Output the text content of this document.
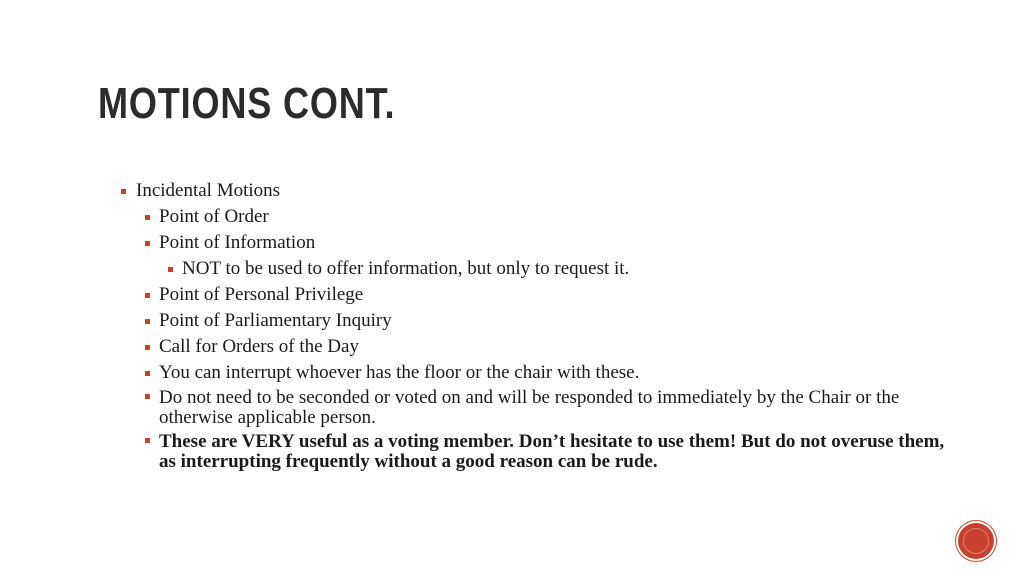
MOTIONS CONT.
Incidental Motions
Point of Order
Point of Information
NOT to be used to offer information, but only to request it.
Point of Personal Privilege
Point of Parliamentary Inquiry
Call for Orders of the Day
You can interrupt whoever has the floor or the chair with these.
Do not need to be seconded or voted on and will be responded to immediately by the Chair or the otherwise applicable person.
These are VERY useful as a voting member. Don’t hesitate to use them! But do not overuse them, as interrupting frequently without a good reason can be rude.
